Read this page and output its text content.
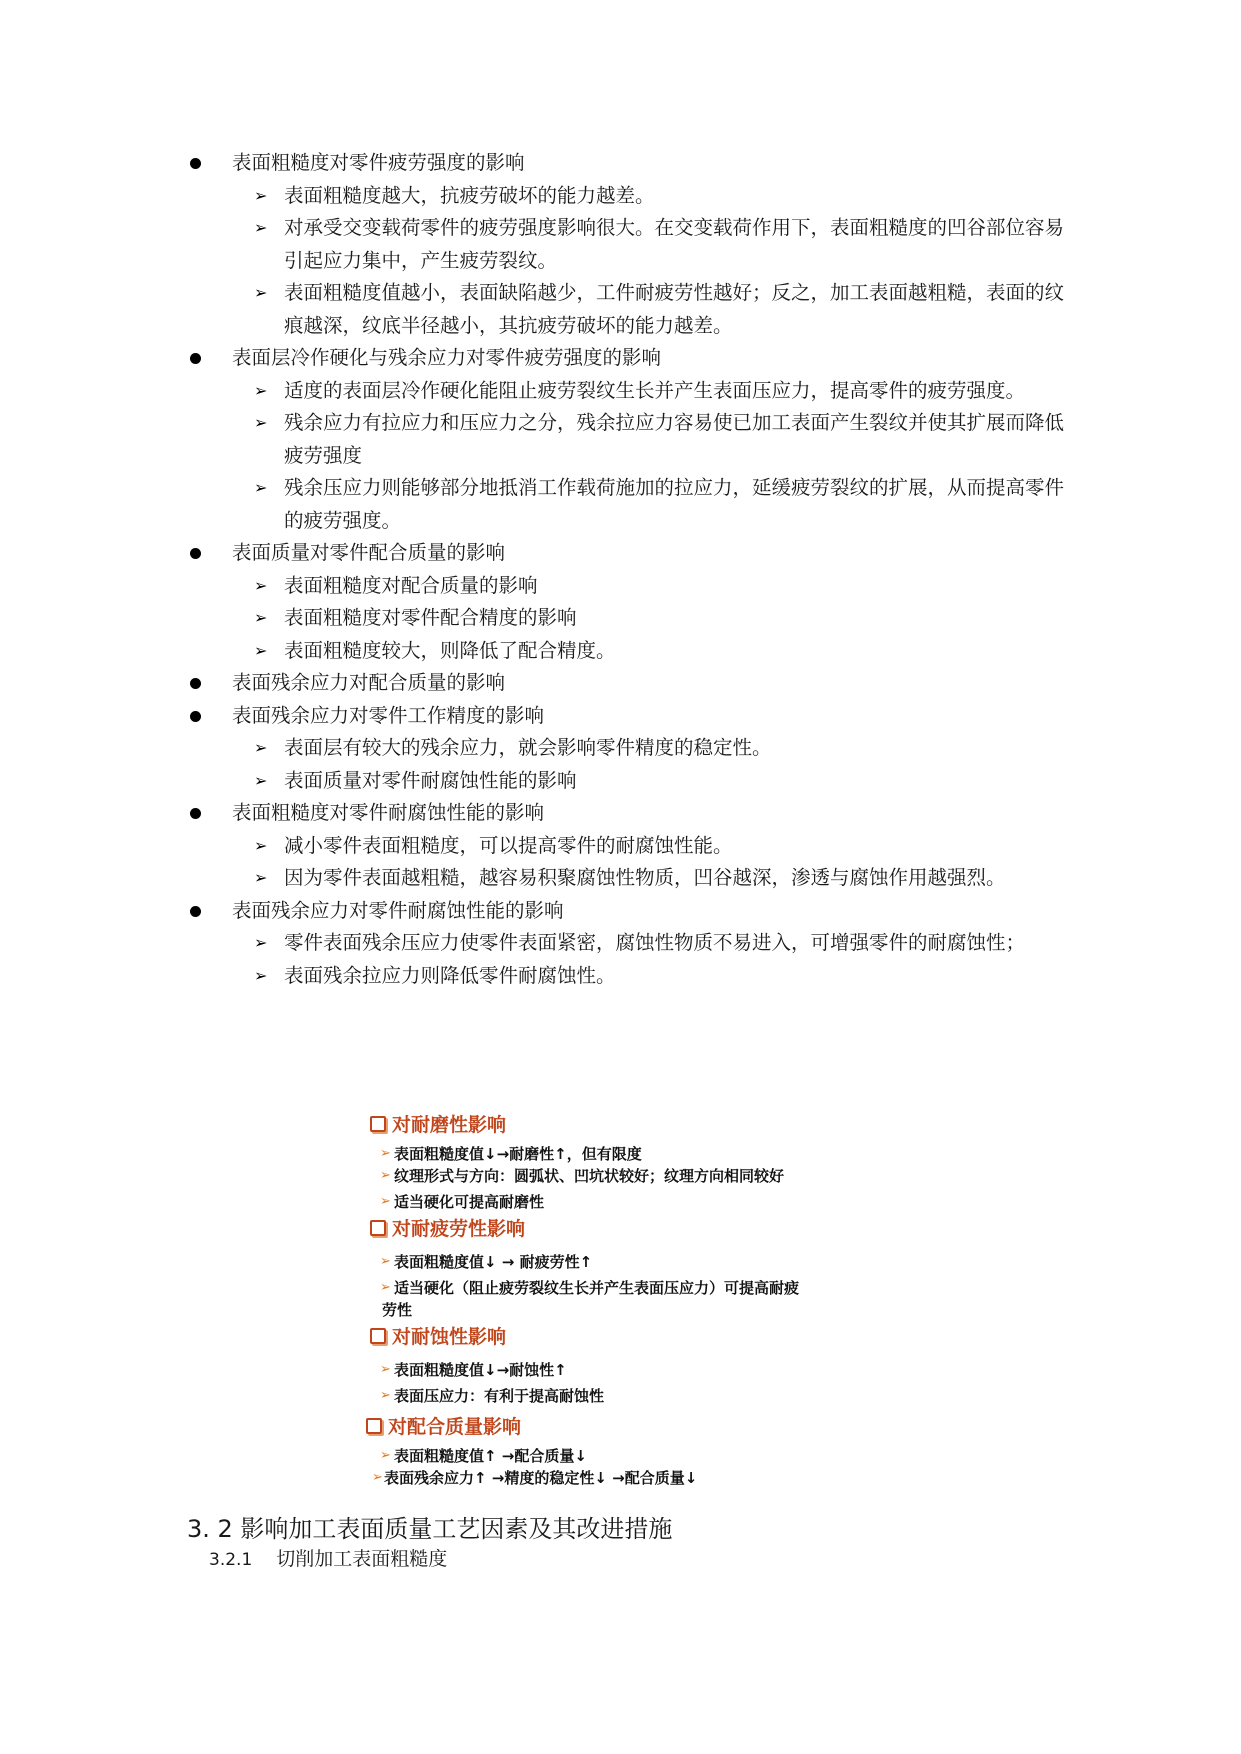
表面粗糙度对零件疲劳强度的影响
➢ 表面粗糙度越大，抗疲劳破坏的能力越差。
➢ 对承受交变载荷零件的疲劳强度影响很大。在交变载荷作用下，表面粗糙度的凹谷部位容易引起应力集中，产生疲劳裂纹。
➢ 表面粗糙度值越小，表面缺陷越少，工件耐疲劳性越好；反之，加工表面越粗糙，表面的纹痕越深，纹底半径越小，其抗疲劳破坏的能力越差。
表面层冷作硬化与残余应力对零件疲劳强度的影响
➢ 适度的表面层冷作硬化能阻止疲劳裂纹生长并产生表面压应力，提高零件的疲劳强度。
➢ 残余应力有拉应力和压应力之分，残余拉应力容易使已加工表面产生裂纹并使其扩展而降低疲劳强度
➢ 残余压应力则能够部分地抵消工作载荷施加的拉应力，延缓疲劳裂纹的扩展，从而提高零件的疲劳强度。
表面质量对零件配合质量的影响
➢ 表面粗糙度对配合质量的影响
➢ 表面粗糙度对零件配合精度的影响
➢ 表面粗糙度较大，则降低了配合精度。
表面残余应力对配合质量的影响
表面残余应力对零件工作精度的影响
➢ 表面层有较大的残余应力，就会影响零件精度的稳定性。
➢ 表面质量对零件耐腐蚀性能的影响
表面粗糙度对零件耐腐蚀性能的影响
➢ 减小零件表面粗糙度，可以提高零件的耐腐蚀性能。
➢ 因为零件表面越粗糙，越容易积聚腐蚀性物质，凹谷越深，渗透与腐蚀作用越强烈。
表面残余应力对零件耐腐蚀性能的影响
➢ 零件表面残余压应力使零件表面紧密，腐蚀性物质不易进入，可增强零件的耐腐蚀性；
➢ 表面残余拉应力则降低零件耐腐蚀性。
对耐磨性影响
➢ 表面粗糙度值↓→耐磨性↑，但有限度
➢ 纹理形式与方向：圆弧状、凹坑状较好；纹理方向相同较好
➢ 适当硬化可提高耐磨性
对耐疲劳性影响
➢ 表面粗糙度值↓ → 耐疲劳性↑
➢ 适当硬化（阻止疲劳裂纹生长并产生表面压应力）可提高耐疲
劳性
对耐蚀性影响
➢ 表面粗糙度值↓→耐蚀性↑
➢ 表面压应力：有利于提高耐蚀性
对配合质量影响
➢ 表面粗糙度值↑ →配合质量↓
➢ 表面残余应力↑ →精度的稳定性↓ →配合质量↓
3. 2 影响加工表面质量工艺因素及其改进措施
3.2.1 切削加工表面粗糙度
